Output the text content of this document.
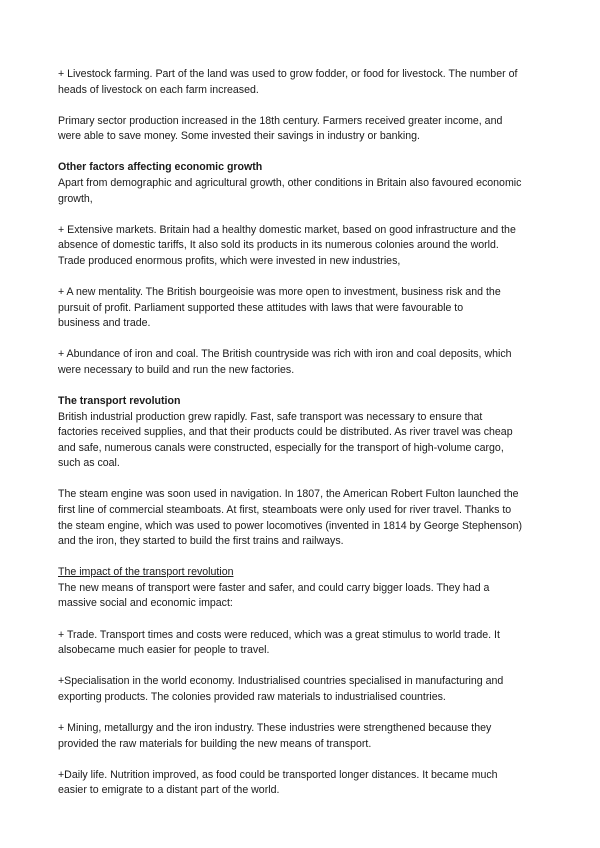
+ Livestock farming. Part of the land was used to grow fodder, or food for livestock. The number of
heads of livestock on each farm increased.
Primary sector production increased in the 18th century. Farmers received greater income, and
were able to save money. Some invested their savings in industry or banking.
Other factors affecting economic growth
Apart from demographic and agricultural growth, other conditions in Britain also favoured economic
growth,
+ Extensive markets. Britain had a healthy domestic market, based on good infrastructure and the
absence of domestic tariffs, It also sold its products in its numerous colonies around the world.
Trade produced enormous profits, which were invested in new industries,
+ A new mentality. The British bourgeoisie was more open to investment, business risk and the
pursuit of profit. Parliament supported these attitudes with laws that were favourable to
business and trade.
+ Abundance of iron and coal. The British countryside was rich with iron and coal deposits, which
were necessary to build and run the new factories.
The transport revolution
British industrial production grew rapidly. Fast, safe transport was necessary to ensure that
factories received supplies, and that their products could be distributed. As river travel was cheap
and safe, numerous canals were constructed, especially for the transport of high-volume cargo,
such as coal.
The steam engine was soon used in navigation. In 1807, the American Robert Fulton launched the
first line of commercial steamboats. At first, steamboats were only used for river travel. Thanks to
the steam engine, which was used to power locomotives (invented in 1814 by George Stephenson)
and the iron, they started to build the first trains and railways.
The impact of the transport revolution
The new means of transport were faster and safer, and could carry bigger loads. They had a
massive social and economic impact:
+ Trade. Transport times and costs were reduced, which was a great stimulus to world trade. It
alsobecame much easier for people to travel.
+Specialisation in the world economy. Industrialised countries specialised in manufacturing and
exporting products. The colonies provided raw materials to industrialised countries.
+ Mining, metallurgy and the iron industry. These industries were strengthened because they
provided the raw materials for building the new means of transport.
+Daily life. Nutrition improved, as food could be transported longer distances. It became much
easier to emigrate to a distant part of the world.
